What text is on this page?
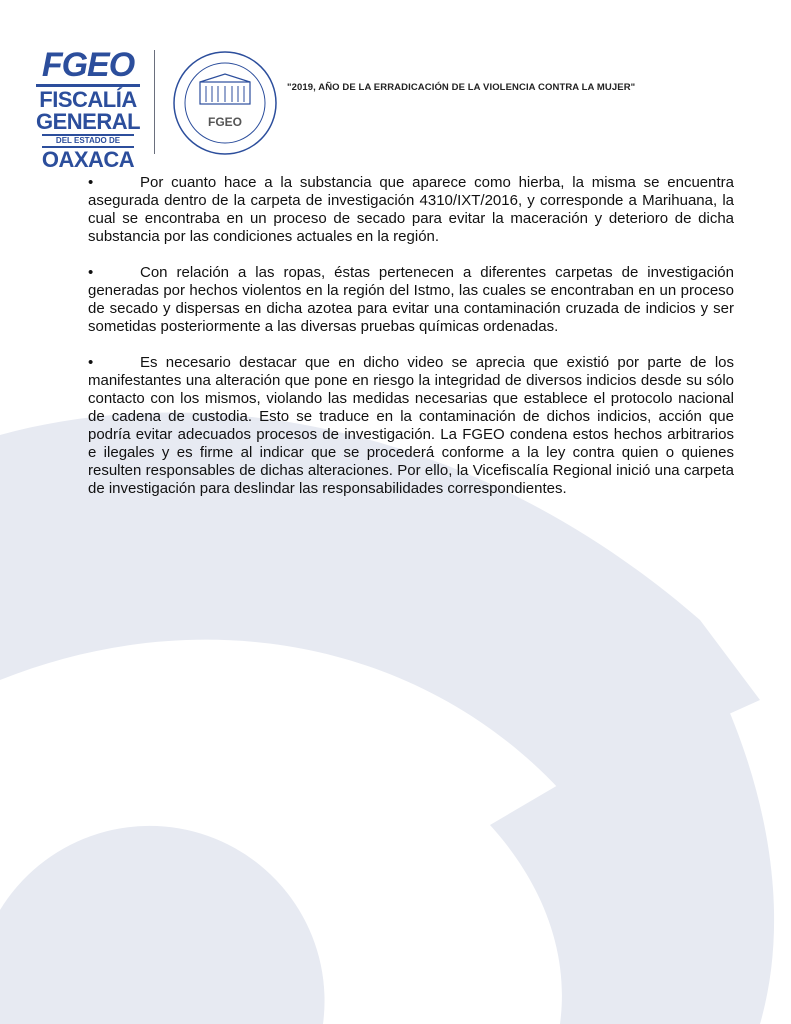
FGEO
FISCALÍA
GENERAL
DEL ESTADO DE
OAXACA
FGEO
"2019, AÑO DE LA ERRADICACIÓN DE LA VIOLENCIA CONTRA LA MUJER"

•	Por cuanto hace a la substancia que aparece como hierba, la misma se encuentra asegurada dentro de la carpeta de investigación 4310/IXT/2016, y corresponde a Marihuana, la cual se encontraba en un proceso de secado para evitar la maceración y deterioro de dicha substancia por las condiciones actuales en la región.

•	Con relación a las ropas, éstas pertenecen a diferentes carpetas de investigación generadas por hechos violentos en la región del Istmo, las cuales se encontraban en un proceso de secado y dispersas en dicha azotea para evitar una contaminación cruzada de indicios y ser sometidas posteriormente a las diversas pruebas químicas ordenadas.

•	Es necesario destacar que en dicho video se aprecia que existió por parte de los manifestantes una alteración que pone en riesgo la integridad de diversos indicios desde su sólo contacto con los mismos, violando las medidas necesarias que establece el protocolo nacional de cadena de custodia. Esto se traduce en la contaminación de dichos indicios, acción que podría evitar adecuados procesos de investigación. La FGEO condena estos hechos arbitrarios e ilegales y es firme al indicar que se procederá conforme a la ley contra quien o quienes resulten responsables de dichas alteraciones. Por ello, la Vicefiscalía Regional inició una carpeta de investigación para deslindar las responsabilidades correspondientes.
